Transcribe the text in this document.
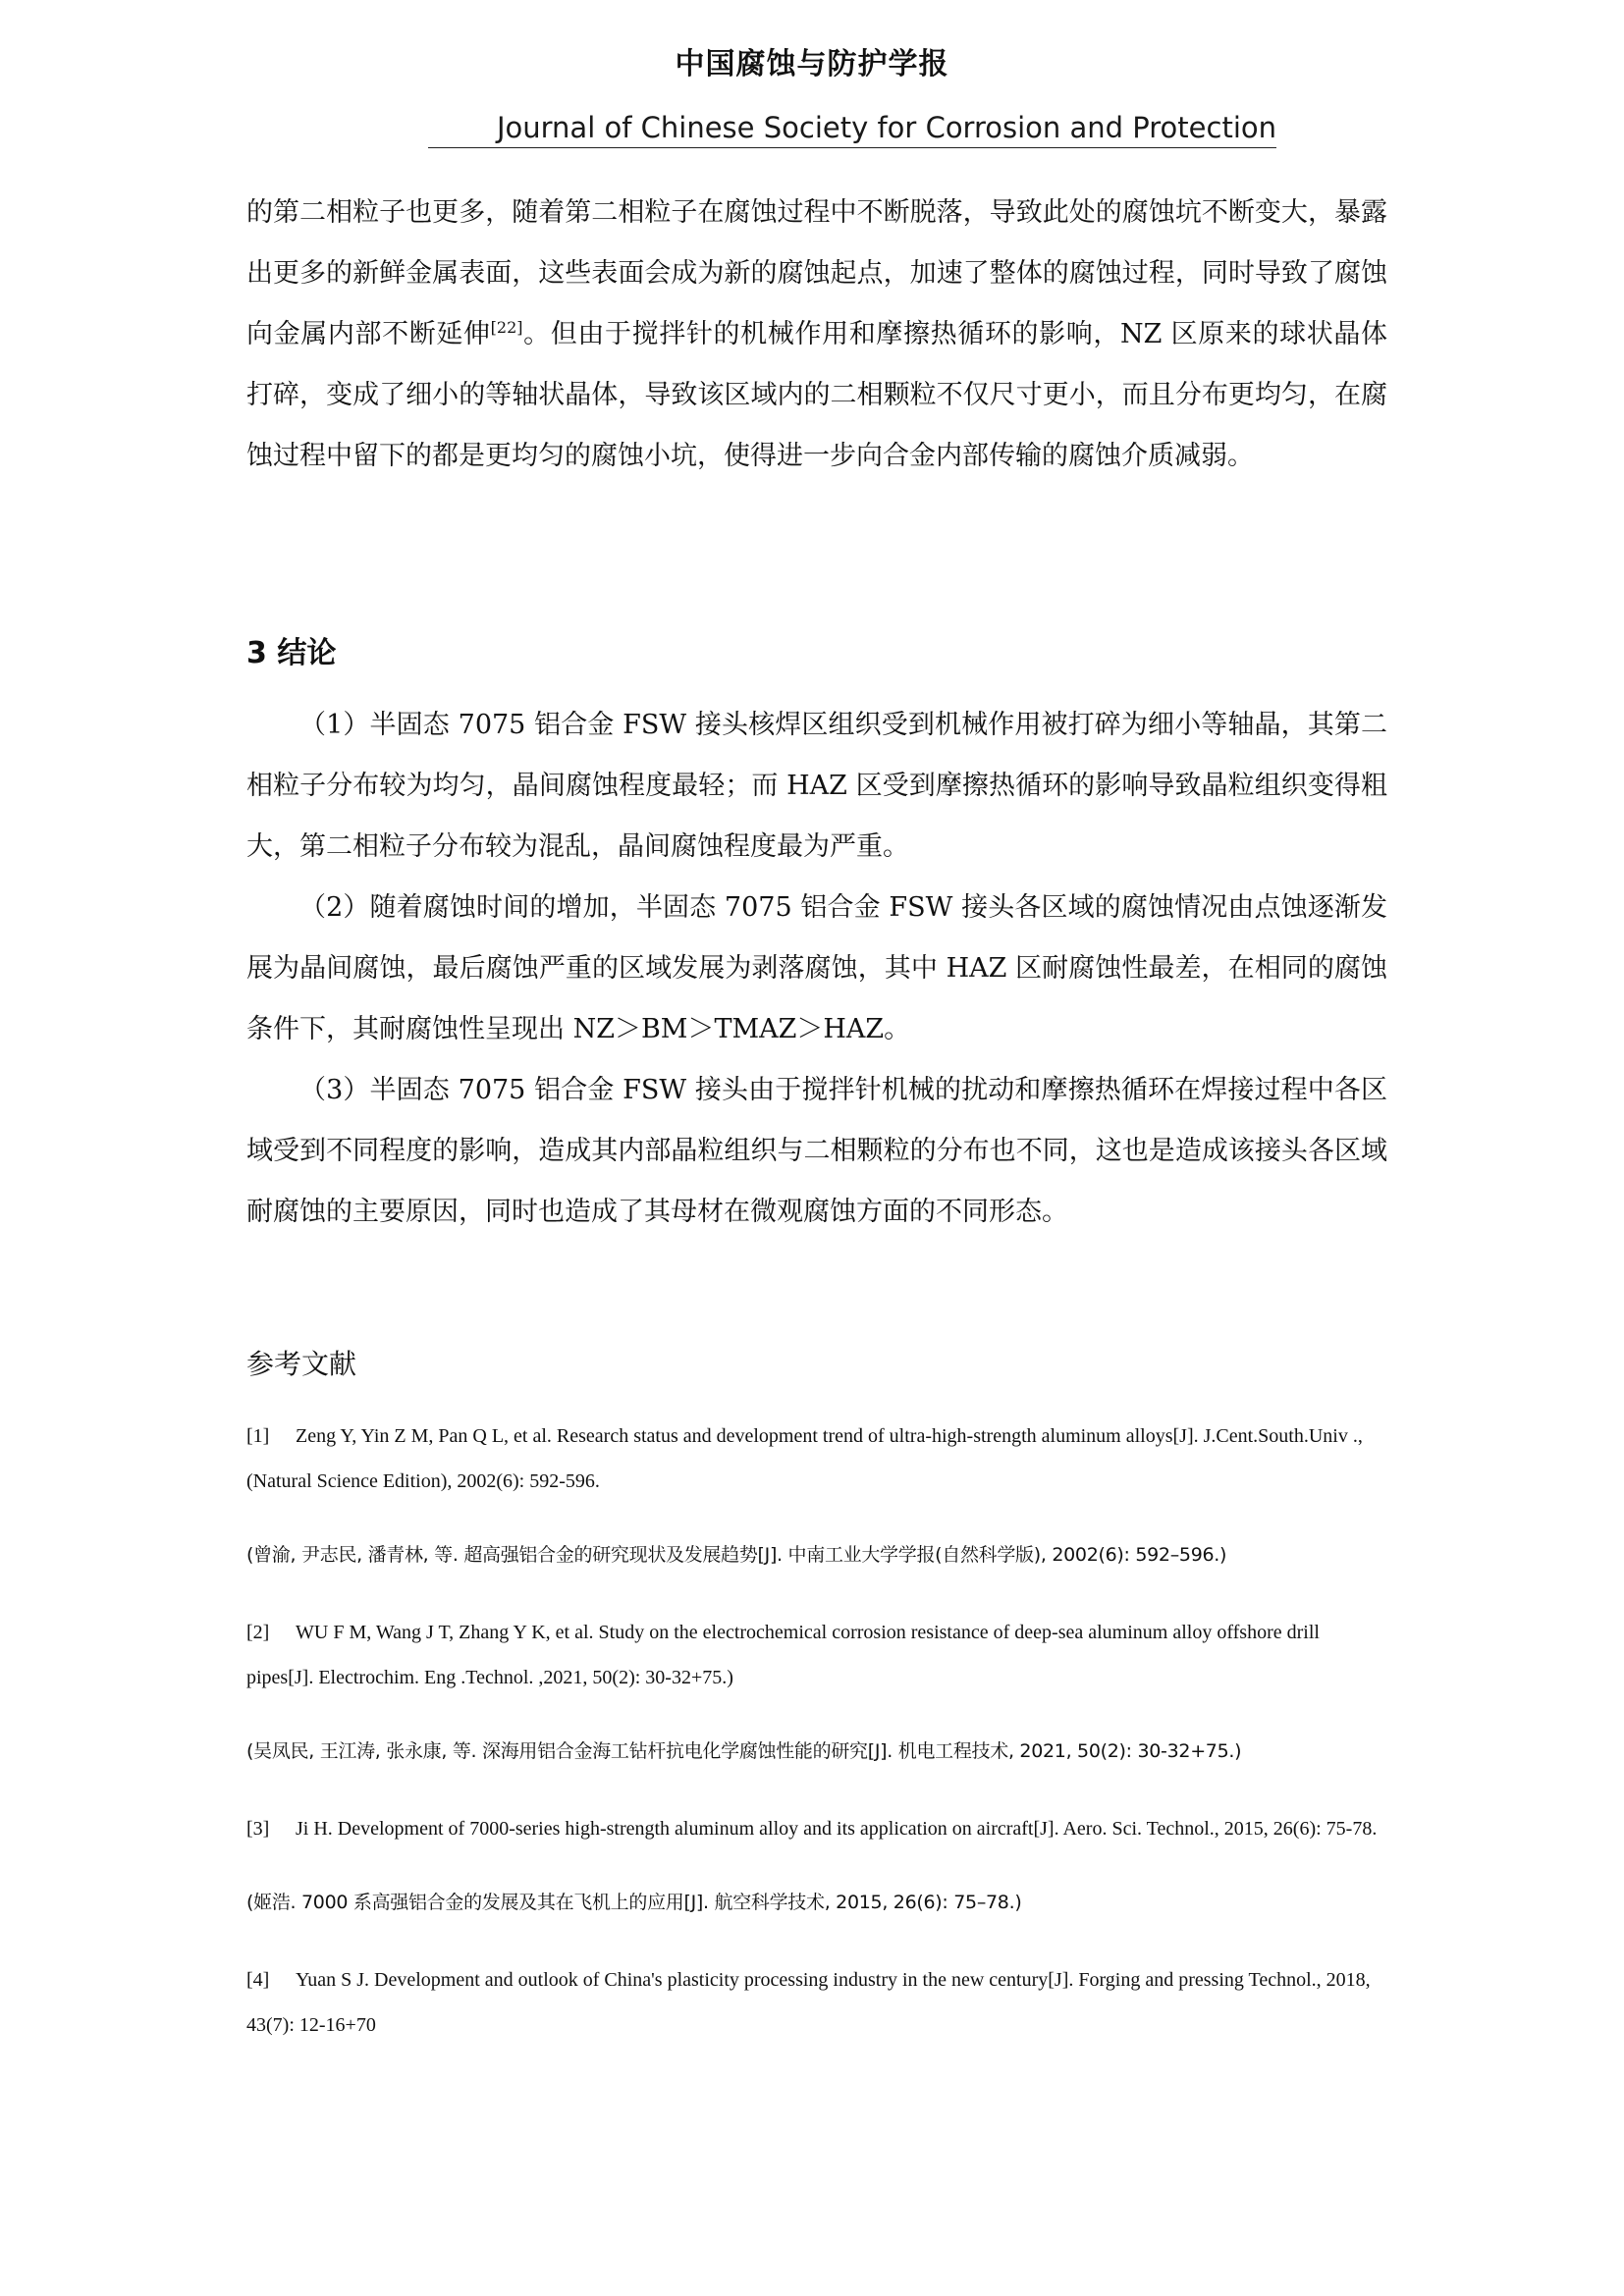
中国腐蚀与防护学报
Journal of Chinese Society for Corrosion and Protection
的第二相粒子也更多，随着第二相粒子在腐蚀过程中不断脱落，导致此处的腐蚀坑不断变大，暴露出更多的新鲜金属表面，这些表面会成为新的腐蚀起点，加速了整体的腐蚀过程，同时导致了腐蚀向金属内部不断延伸[22]。但由于搅拌针的机械作用和摩擦热循环的影响，NZ 区原来的球状晶体打碎，变成了细小的等轴状晶体，导致该区域内的二相颗粒不仅尺寸更小，而且分布更均匀，在腐蚀过程中留下的都是更均匀的腐蚀小坑，使得进一步向合金内部传输的腐蚀介质减弱。
3 结论
（1）半固态 7075 铝合金 FSW 接头核焊区组织受到机械作用被打碎为细小等轴晶，其第二相粒子分布较为均匀，晶间腐蚀程度最轻；而 HAZ 区受到摩擦热循环的影响导致晶粒组织变得粗大，第二相粒子分布较为混乱，晶间腐蚀程度最为严重。
（2）随着腐蚀时间的增加，半固态 7075 铝合金 FSW 接头各区域的腐蚀情况由点蚀逐渐发展为晶间腐蚀，最后腐蚀严重的区域发展为剥落腐蚀，其中 HAZ 区耐腐蚀性最差，在相同的腐蚀条件下，其耐腐蚀性呈现出 NZ＞BM＞TMAZ＞HAZ。
（3）半固态 7075 铝合金 FSW 接头由于搅拌针机械的扰动和摩擦热循环在焊接过程中各区域受到不同程度的影响，造成其内部晶粒组织与二相颗粒的分布也不同，这也是造成该接头各区域耐腐蚀的主要原因，同时也造成了其母材在微观腐蚀方面的不同形态。
参考文献
[1] Zeng Y, Yin Z M, Pan Q L, et al. Research status and development trend of ultra-high-strength aluminum alloys[J]. J.Cent.South.Univ .,(Natural Science Edition), 2002(6): 592-596.
(曾渝, 尹志民, 潘青林, 等. 超高强铝合金的研究现状及发展趋势[J]. 中南工业大学学报(自然科学版), 2002(6): 592–596.)
[2] WU F M, Wang J T, Zhang Y K, et al. Study on the electrochemical corrosion resistance of deep-sea aluminum alloy offshore drill pipes[J]. Electrochim. Eng .Technol. ,2021, 50(2): 30-32+75.)
(吴凤民, 王江涛, 张永康, 等. 深海用铝合金海工钻杆抗电化学腐蚀性能的研究[J]. 机电工程技术, 2021, 50(2): 30-32+75.)
[3] Ji H. Development of 7000-series high-strength aluminum alloy and its application on aircraft[J]. Aero. Sci. Technol., 2015, 26(6): 75-78.
(姬浩. 7000 系高强铝合金的发展及其在飞机上的应用[J]. 航空科学技术, 2015, 26(6): 75–78.)
[4] Yuan S J. Development and outlook of China's plasticity processing industry in the new century[J]. Forging and pressing Technol., 2018, 43(7): 12-16+70
